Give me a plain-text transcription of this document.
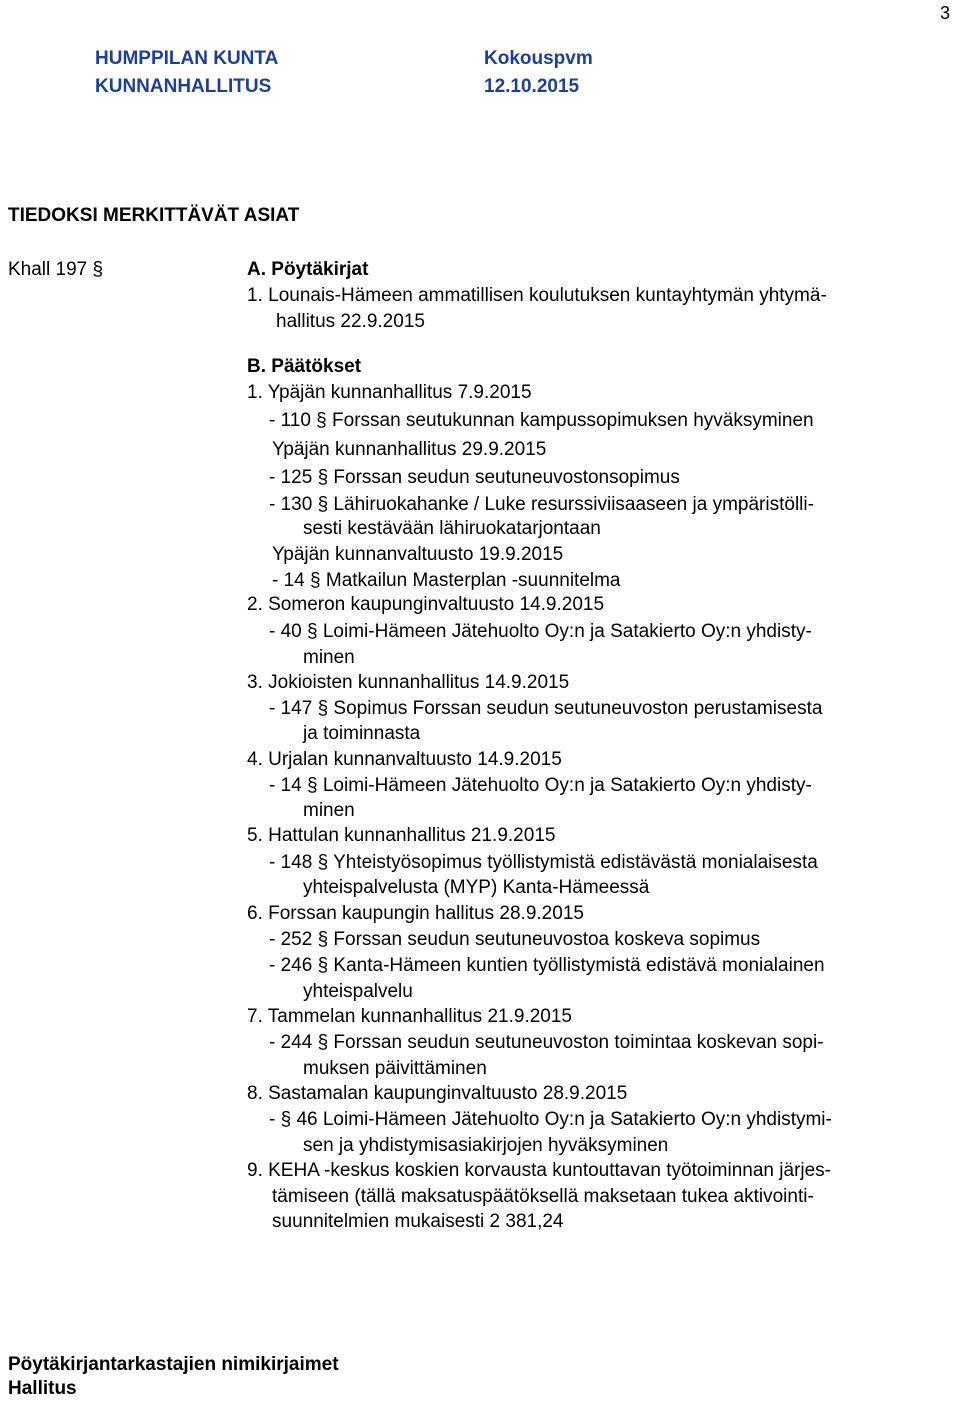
3
HUMPPILAN KUNTA
KUNNANHALLITUS
Kokouspvm
12.10.2015
TIEDOKSI MERKITTÄVÄT ASIAT
Khall 197 §	A. Pöytäkirjat
1. Lounais-Hämeen ammatillisen koulutuksen kuntayhtymän yhtymä-
hallitus 22.9.2015
B. Päätökset
1. Ypäjän kunnanhallitus 7.9.2015
- 110 § Forssan seutukunnan kampussopimuksen hyväksyminen
Ypäjän kunnanhallitus 29.9.2015
- 125 § Forssan seudun seutuneuvostonsopimus
- 130 § Lähiruokahanke / Luke resurssiviisaaseen ja ympäristölli-
sesti kestävään lähiruokatarjontaan
Ypäjän kunnanvaltuusto 19.9.2015
- 14 § Matkailun Masterplan -suunnitelma
2. Someron kaupunginvaltuusto 14.9.2015
- 40 § Loimi-Hämeen Jätehuolto Oy:n ja Satakierto Oy:n yhdisty-
minen
3. Jokioisten kunnanhallitus 14.9.2015
- 147 § Sopimus Forssan seudun seutuneuvoston perustamisesta
ja toiminnasta
4. Urjalan kunnanvaltuusto 14.9.2015
- 14 § Loimi-Hämeen Jätehuolto Oy:n ja Satakierto Oy:n yhdisty-
minen
5. Hattulan kunnanhallitus 21.9.2015
- 148 § Yhteistyösopimus työllistymistä edistävästä monialaisesta
yhteispalvelusta (MYP) Kanta-Hämeessä
6. Forssan kaupungin hallitus 28.9.2015
- 252 § Forssan seudun seutuneuvostoa koskeva sopimus
- 246 § Kanta-Hämeen kuntien työllistymistä edistävä monialainen
yhteispalvelu
7. Tammelan kunnanhallitus 21.9.2015
- 244 § Forssan seudun seutuneuvoston toimintaa koskevan sopi-
muksen päivittäminen
8. Sastamalan kaupunginvaltuusto 28.9.2015
- § 46 Loimi-Hämeen Jätehuolto Oy:n ja Satakierto Oy:n yhdistymi-
sen ja yhdistymisasiakirjojen hyväksyminen
9. KEHA -keskus koskien korvausta kuntouttavan työtoiminnan järjes-
tämiseen (tällä maksatuspäätöksellä maksetaan tukea aktivointi-
suunnitelmien mukaisesti 2 381,24
Pöytäkirjantarkastajien nimikirjaimet
Hallitus
